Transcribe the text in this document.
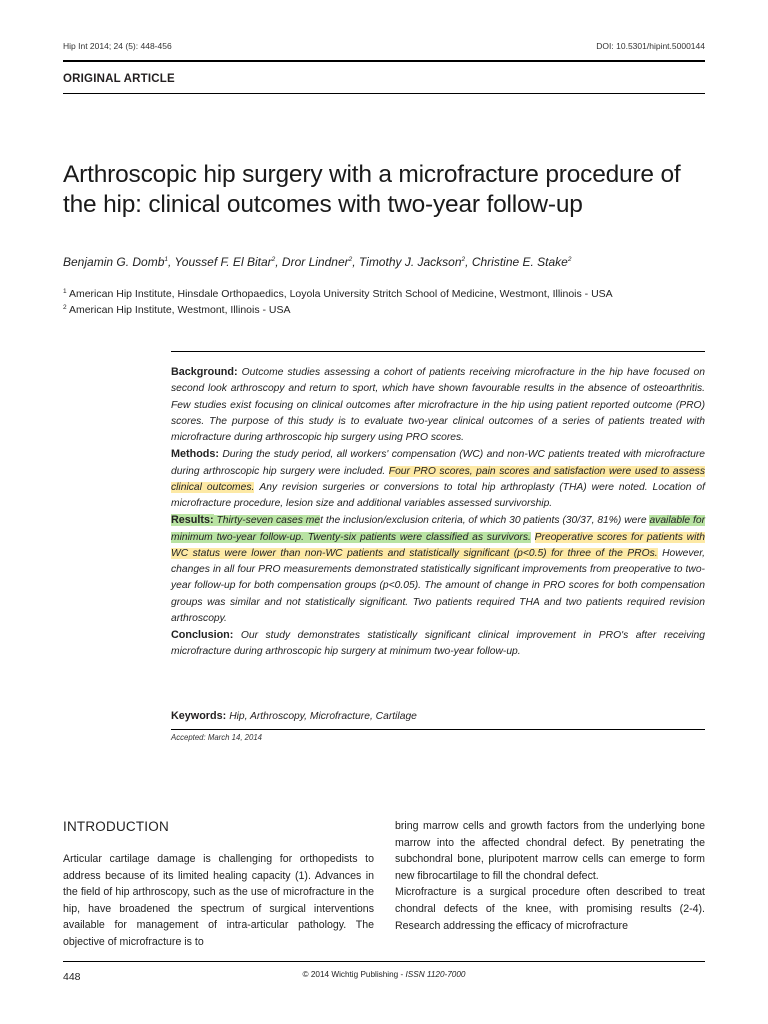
Hip Int 2014; 24 (5): 448-456	DOI: 10.5301/hipint.5000144
ORIGINAL ARTICLE
Arthroscopic hip surgery with a microfracture procedure of the hip: clinical outcomes with two-year follow-up
Benjamin G. Domb$^1$, Youssef F. El Bitar$^2$, Dror Lindner$^2$, Timothy J. Jackson$^2$, Christine E. Stake$^2$
$^1$ American Hip Institute, Hinsdale Orthopaedics, Loyola University Stritch School of Medicine, Westmont, Illinois - USA
$^2$ American Hip Institute, Westmont, Illinois - USA

Background: Outcome studies assessing a cohort of patients receiving microfracture in the hip have focused on second look arthroscopy and return to sport, which have shown favourable results in the absence of osteoarthritis. Few studies exist focusing on clinical outcomes after microfracture in the hip using patient reported outcome (PRO) scores. The purpose of this study is to evaluate two-year clinical outcomes of a series of patients treated with microfracture during arthroscopic hip surgery using PRO scores.

Methods: During the study period, all workers' compensation (WC) and non-WC patients treated with microfracture during arthroscopic hip surgery were included. Four PRO scores, pain scores and satisfaction were used to assess clinical outcomes. Any revision surgeries or conversions to total hip arthroplasty (THA) were noted. Location of microfracture procedure, lesion size and additional variables assessed survivorship.

Results: Thirty-seven cases met the inclusion/exclusion criteria, of which 30 patients (30/37, 81%) were available for minimum two-year follow-up. Twenty-six patients were classified as survivors. Preoperative scores for patients with WC status were lower than non-WC patients and statistically significant (p<0.5) for three of the PROs. However, changes in all four PRO measurements demonstrated statistically significant improvements from preoperative to two-year follow-up for both compensation groups (p<0.05). The amount of change in PRO scores for both compensation groups was similar and not statistically significant. Two patients required THA and two patients required revision arthroscopy.

Conclusion: Our study demonstrates statistically significant clinical improvement in PRO's after receiving microfracture during arthroscopic hip surgery at minimum two-year follow-up.

Keywords: Hip, Arthroscopy, Microfracture, Cartilage
Accepted: March 14, 2014
INTRODUCTION

Articular cartilage damage is challenging for orthopedists to address because of its limited healing capacity (1). Advances in the field of hip arthroscopy, such as the use of microfracture in the hip, have broadened the spectrum of surgical interventions available for management of intra-articular pathology. The objective of microfracture is to

bring marrow cells and growth factors from the underlying bone marrow into the affected chondral defect. By penetrating the subchondral bone, pluripotent marrow cells can emerge to form new fibrocartilage to fill the chondral defect.

Microfracture is a surgical procedure often described to treat chondral defects of the knee, with promising results (2-4). Research addressing the efficacy of microfracture

448	© 2014 Wichtig Publishing - ISSN 1120-7000
